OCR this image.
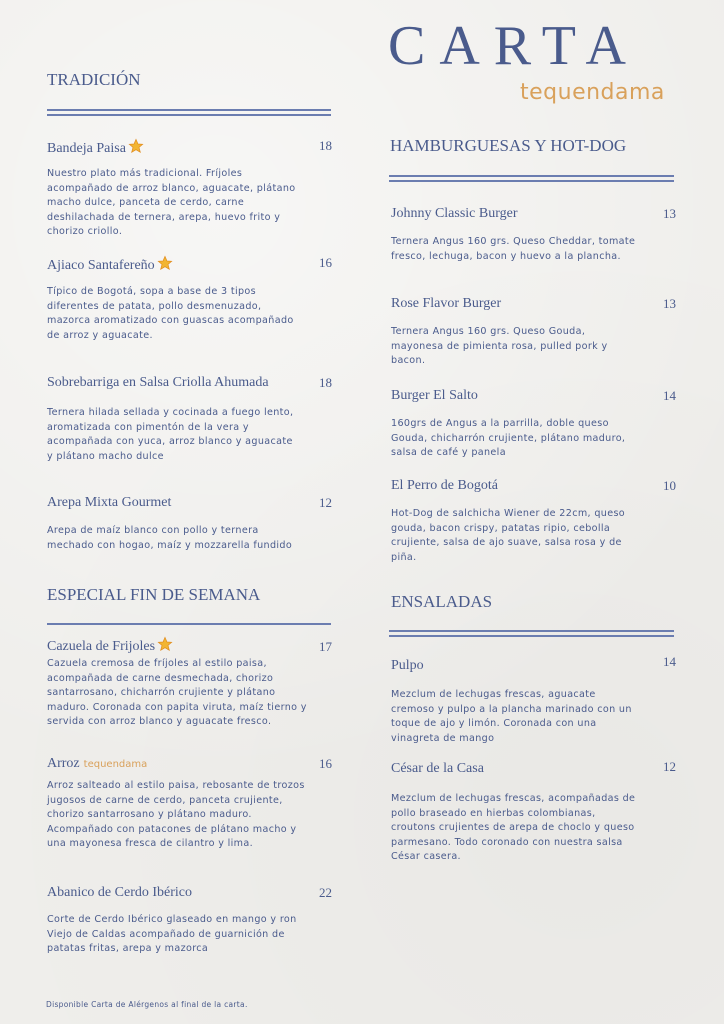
CARTA
tequendama
TRADICIÓN
Bandeja Paisa	18
Nuestro plato más tradicional. Fríjoles acompañado de arroz blanco, aguacate, plátano macho dulce, panceta de cerdo, carne deshilachada de ternera, arepa, huevo frito y chorizo criollo.
Ajiaco Santafereño	16
Típico de Bogotá, sopa a base de 3 tipos diferentes de patata, pollo desmenuzado, mazorca aromatizado con guascas acompañado de arroz y aguacate.
Sobrebarriga en Salsa Criolla Ahumada	18
Ternera hilada sellada y cocinada a fuego lento, aromatizada con pimentón de la vera y acompañada con yuca, arroz blanco y aguacate y plátano macho dulce
Arepa Mixta Gourmet	12
Arepa de maíz blanco con pollo y ternera mechado con hogao, maíz y mozzarella fundido
ESPECIAL FIN DE SEMANA
Cazuela de Frijoles	17
Cazuela cremosa de fríjoles al estilo paisa, acompañada de carne desmechada, chorizo santarrosano, chicharrón crujiente y plátano maduro. Coronada con papita viruta, maíz tierno y servida con arroz blanco y aguacate fresco.
Arroz tequendama	16
Arroz salteado al estilo paisa, rebosante de trozos jugosos de carne de cerdo, panceta crujiente, chorizo santarrosano y plátano maduro. Acompañado con patacones de plátano macho y una mayonesa fresca de cilantro y lima.
Abanico de Cerdo Ibérico	22
Corte de Cerdo Ibérico glaseado en mango y ron Viejo de Caldas acompañado de guarnición de patatas fritas, arepa y mazorca
HAMBURGUESAS Y HOT-DOG
Johnny Classic Burger	13
Ternera Angus 160 grs. Queso Cheddar, tomate fresco, lechuga, bacon y huevo a la plancha.
Rose Flavor Burger	13
Ternera Angus 160 grs. Queso Gouda, mayonesa de pimienta rosa, pulled pork y bacon.
Burger El Salto	14
160grs de Angus a la parrilla, doble queso Gouda, chicharrón crujiente, plátano maduro, salsa de café y panela
El Perro de Bogotá	10
Hot-Dog de salchicha Wiener de 22cm, queso gouda, bacon crispy, patatas ripio, cebolla crujiente, salsa de ajo suave, salsa rosa y de piña.
ENSALADAS
Pulpo	14
Mezclum de lechugas frescas, aguacate cremoso y pulpo a la plancha marinado con un toque de ajo y limón. Coronada con una vinagreta de mango
César de la Casa	12
Mezclum de lechugas frescas, acompañadas de pollo braseado en hierbas colombianas, croutons crujientes de arepa de choclo y queso parmesano. Todo coronado con nuestra salsa César casera.
Disponible Carta de Alérgenos al final de la carta.
